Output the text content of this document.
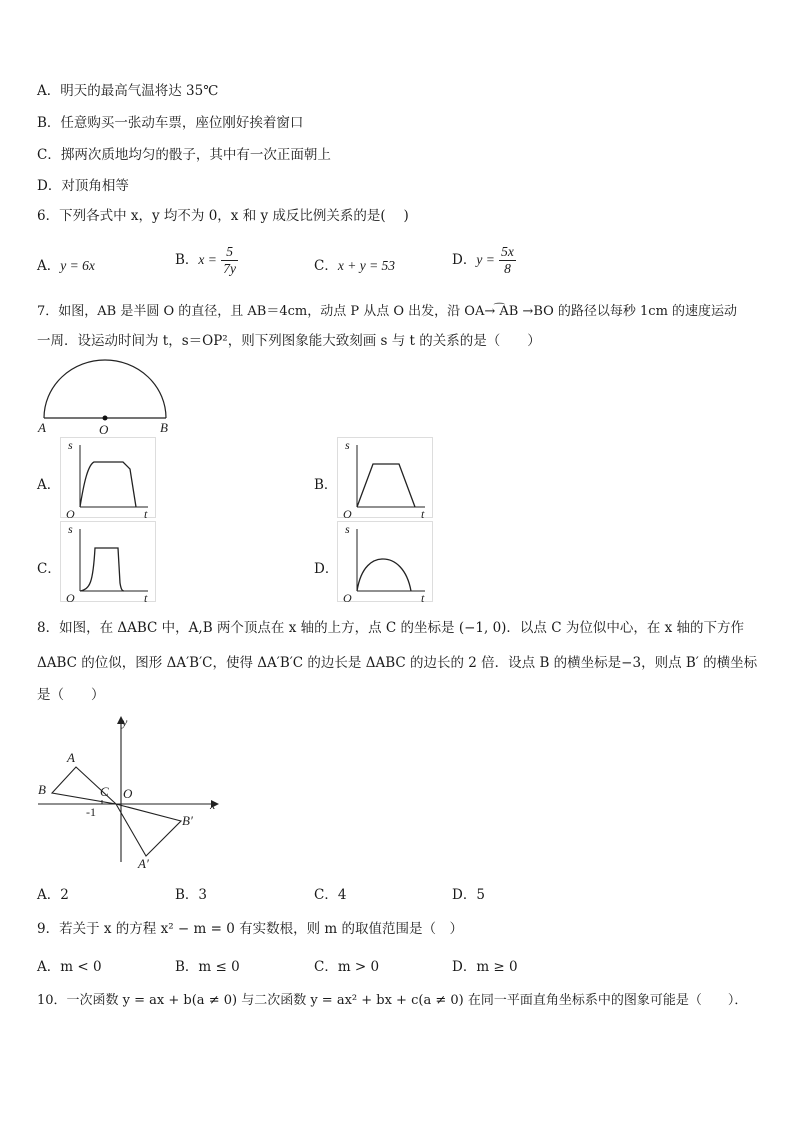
A．明天的最高气温将达 35℃
B．任意购买一张动车票，座位刚好挨着窗口
C．掷两次质地均匀的骰子，其中有一次正面朝上
D．对顶角相等
6．下列各式中 x，y 均不为 0，x 和 y 成反比例关系的是(　 )
A．y = 6x	B．$x = \frac{5}{7y}$	C．x + y = 53	D．$y = \frac{5x}{8}$
7．如图，AB 是半圆 O 的直径，且 AB＝4cm，动点 P 从点 O 出发，沿 OA→ ͡AB →BO 的路径以每秒 1cm 的速度运动
一周．设运动时间为 t，s＝OP²，则下列图象能大致刻画 s 与 t 的关系的是（　　）
A	O	B
A．	B．
C．	D．
s
O	t
s
O	t
s
O	t
s
O	t
8．如图，在 ΔABC 中，A,B 两个顶点在 x 轴的上方，点 C 的坐标是 (−1, 0)．以点 C 为位似中心，在 x 轴的下方作
ΔABC 的位似，图形 ΔA′B′C，使得 ΔA′B′C 的边长是 ΔABC 的边长的 2 倍．设点 B 的横坐标是−3，则点 B′ 的横坐标
是（　　）
y
x
A
B	C O
-1
B′
A′
A．2	B．3	C．4	D．5
9．若关于 x 的方程 x² − m = 0 有实数根，则 m 的取值范围是（　）
A．m < 0	B．m ≤ 0	C．m > 0	D．m ≥ 0
10．一次函数 y = ax + b(a ≠ 0) 与二次函数 y = ax² + bx + c(a ≠ 0) 在同一平面直角坐标系中的图象可能是（　　）．
